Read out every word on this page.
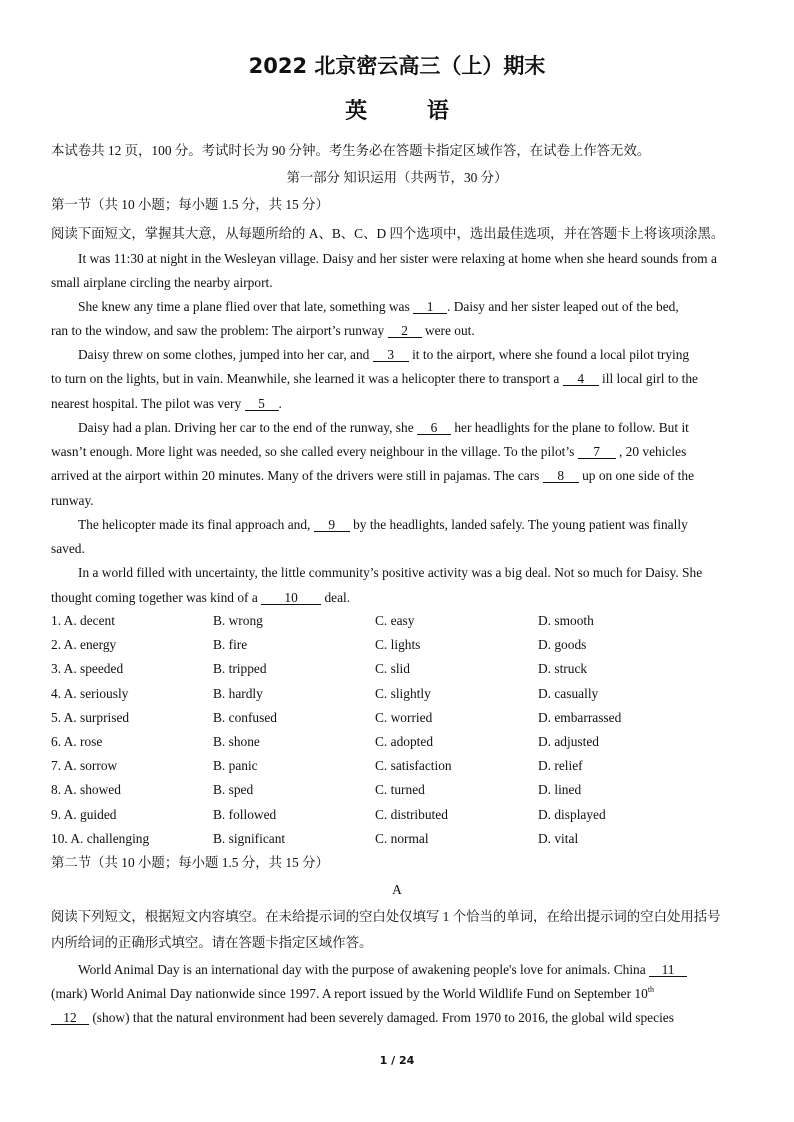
2022 北京密云高三（上）期末
英 语
本试卷共 12 页，100 分。考试时长为 90 分钟。考生务必在答题卡指定区域作答，在试卷上作答无效。
第一部分 知识运用（共两节，30 分）
第一节（共 10 小题；每小题 1.5 分，共 15 分）
阅读下面短文，掌握其大意，从每题所给的 A、B、C、D 四个选项中，选出最佳选项，并在答题卡上将该项涂黑。
It was 11:30 at night in the Wesleyan village. Daisy and her sister were relaxing at home when she heard sounds from a
small airplane circling the nearby airport.
She knew any time a plane flied over that late, something was 1 . Daisy and her sister leaped out of the bed,
ran to the window, and saw the problem: The airport’s runway 2 were out.
Daisy threw on some clothes, jumped into her car, and 3 it to the airport, where she found a local pilot trying
to turn on the lights, but in vain. Meanwhile, she learned it was a helicopter there to transport a 4 ill local girl to the
nearest hospital. The pilot was very 5 .
Daisy had a plan. Driving her car to the end of the runway, she 6 her headlights for the plane to follow. But it
wasn’t enough. More light was needed, so she called every neighbour in the village. To the pilot’s 7 , 20 vehicles
arrived at the airport within 20 minutes. Many of the drivers were still in pajamas. The cars 8 up on one side of the
runway.
The helicopter made its final approach and, 9 by the headlights, landed safely. The young patient was finally
saved.
In a world filled with uncertainty, the little community’s positive activity was a big deal. Not so much for Daisy. She
thought coming together was kind of a 10 deal.
1. A. decent	B. wrong	C. easy	D. smooth
2. A. energy	B. fire	C. lights	D. goods
3. A. speeded	B. tripped	C. slid	D. struck
4. A. seriously	B. hardly	C. slightly	D. casually
5. A. surprised	B. confused	C. worried	D. embarrassed
6. A. rose	B. shone	C. adopted	D. adjusted
7. A. sorrow	B. panic	C. satisfaction	D. relief
8. A. showed	B. sped	C. turned	D. lined
9. A. guided	B. followed	C. distributed	D. displayed
10. A. challenging	B. significant	C. normal	D. vital
第二节（共 10 小题；每小题 1.5 分，共 15 分）
A
阅读下列短文，根据短文内容填空。在未给提示词的空白处仅填写 1 个恰当的单词，在给出提示词的空白处用括号
内所给词的正确形式填空。请在答题卡指定区域作答。
World Animal Day is an international day with the purpose of awakening people's love for animals. China 11
(mark) World Animal Day nationwide since 1997. A report issued by the World Wildlife Fund on September 10th
12 (show) that the natural environment had been severely damaged. From 1970 to 2016, the global wild species
1 / 24
